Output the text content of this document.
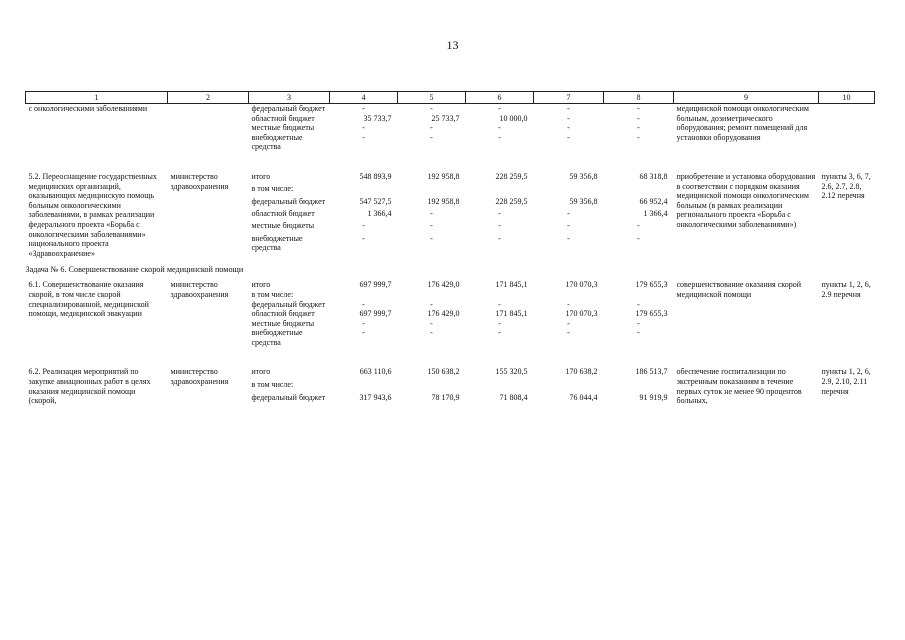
13
1	2	3	4	5	6	7	8	9	10
с онкологическими заболеваниями		федеральный бюджет	-	-	-	-	-	медицинской помощи онкологическим больным, дозиметрического оборудования; ремонт помещений для установки оборудования	
		областной бюджет	35 733,7	25 733,7	10 000,0	-	-		
		местные бюджеты	-	-	-	-	-		
		внебюджетные средства	-	-	-	-	-		

5.2. Переоснащение государственных медицинских организаций, оказывающих медицинскую помощь больным онкологическими заболеваниями, в рамках реализации федерального проекта «Борьба с онкологическими заболеваниями» национального проекта «Здравоохранение»	министерство здравоохранения	итого	548 893,9	192 958,8	228 259,5	59 356,8	68 318,8	приобретение и установка оборудования в соответствии с порядком оказания медицинской помощи онкологическим больным (в рамках реализации регионального проекта «Борьба с онкологическими заболеваниями»)	пункты 3, 6, 7, 2.6, 2.7, 2.8, 2.12 перечня
		в том числе:							
		федеральный бюджет	547 527,5	192 958,8	228 259,5	59 356,8	66 952,4		
		областной бюджет	1 366,4	-	-	-	1 366,4		
		местные бюджеты	-	-	-	-	-		
		внебюджетные средства	-	-	-	-	-		
Задача № 6. Совершенствование скорой медицинской помощи									
6.1. Совершенствование оказания скорой, в том числе скорой специализированной, медицинской помощи, медицинской эвакуации	министерство здравоохранения	итого	697 999,7	176 429,0	171 845,1	170 070,3	179 655,3	совершенствование оказания скорой медицинской помощи	пункты 1, 2, 6, 2.9 перечня
		в том числе:							
		федеральный бюджет	-	-	-	-	-		
		областной бюджет	697 999,7	176 429,0	171 845,1	170 070,3	179 655,3		
		местные бюджеты	-	-	-	-	-		
		внебюджетные средства	-	-	-	-	-		

6.2. Реализация мероприятий по закупке авиационных работ в целях оказания медицинской помощи (скорой,	министерство здравоохранения	итого	663 110,6	150 638,2	155 320,5	170 638,2	186 513,7	обеспечение госпитализации по экстренным показаниям в течение первых суток не менее 90 процентов больных,	пункты 1, 2, 6, 2.9, 2.10, 2.11 перечня
		в том числе:							
		федеральный бюджет	317 943,6	78 170,9	71 808,4	76 044,4	91 919,9		
